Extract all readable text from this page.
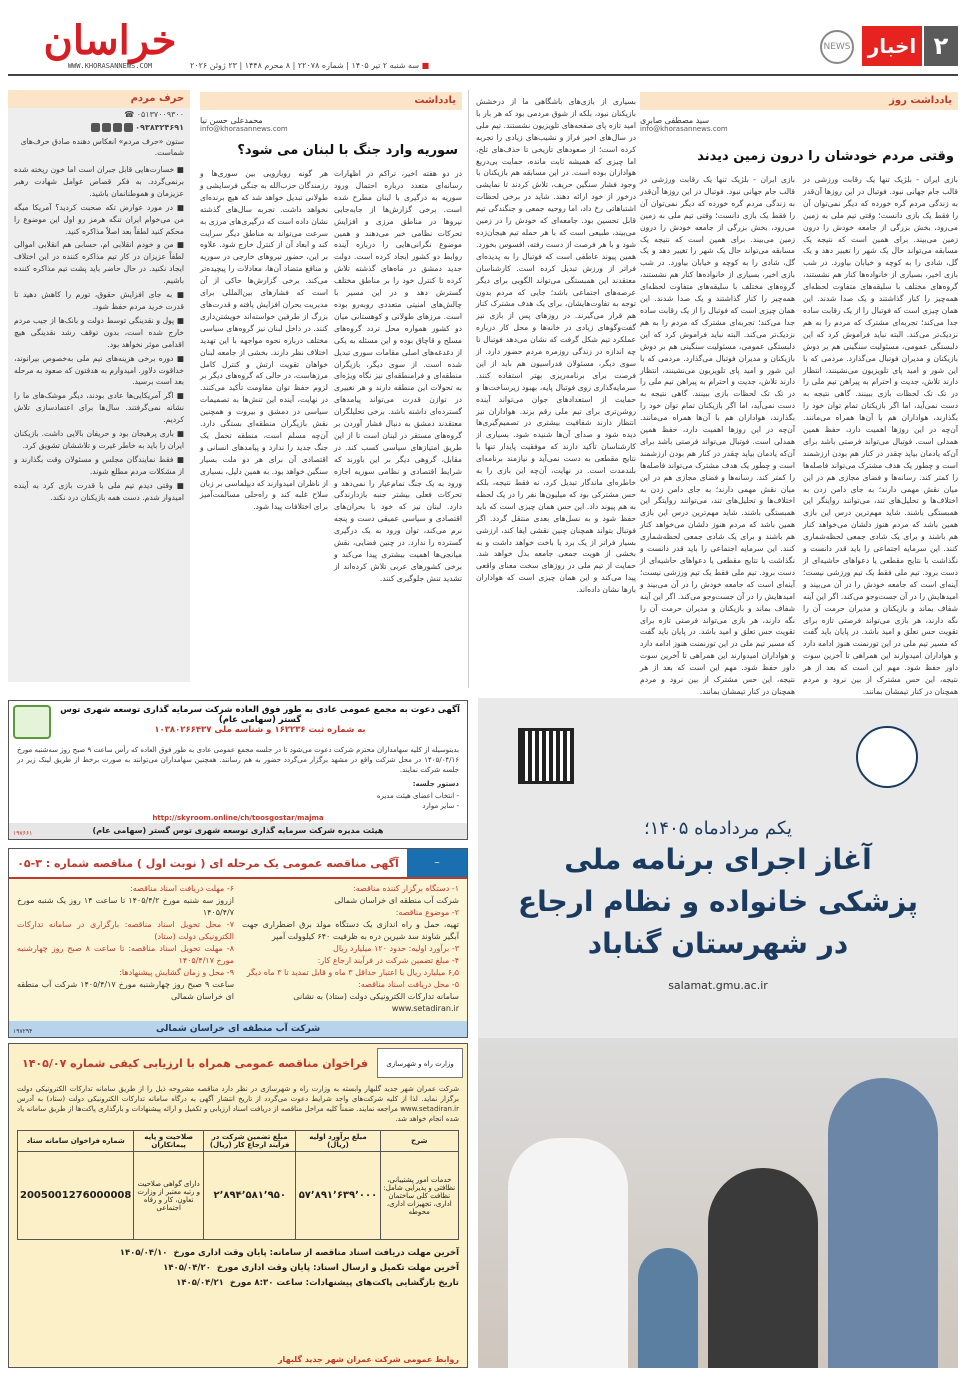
۲
اخبار
NEWS
خراسان
WWW.KHORASANNEWS.COM	■ سه شنبه ۲ تیر ۱۴۰۵ | شماره ۲۲۰۷۸ | ۸ محرم ۱۴۴۸ | ۲۳ ژوئن ۲۰۲۶
یادداشت روز
سید مصطفی صابری
info@khorasannews.com
وقتی مردم خودشان را درون زمین دیدند
بازی ایران - بلژیک تنها یک رقابت ورزشی در قالب جام جهانی نبود. فوتبال در این روزها آن‌قدر به زندگی مردم گره خورده که دیگر نمی‌توان آن را فقط یک بازی دانست؛ وقتی تیم ملی به زمین می‌رود، بخش بزرگی از جامعه خودش را درون زمین می‌بیند. برای همین است که نتیجه یک مسابقه می‌تواند حال یک شهر را تغییر دهد و یک گل، شادی را به کوچه و خیابان بیاورد. در شب بازی اخیر، بسیاری از خانواده‌ها کنار هم نشستند، گروه‌های مختلف با سلیقه‌های متفاوت لحظه‌ای همه‌چیز را کنار گذاشتند و یک صدا شدند. این همان چیزی است که فوتبال را از یک رقابت ساده جدا می‌کند؛ تجربه‌ای مشترک که مردم را به هم نزدیک‌تر می‌کند. البته نباید فراموش کرد که این دلبستگی عمومی، مسئولیت سنگینی هم بر دوش بازیکنان و مدیران فوتبال می‌گذارد. مردمی که با این شور و امید پای تلویزیون می‌نشینند، انتظار دارند تلاش، جدیت و احترام به پیراهن تیم ملی را در تک تک لحظات بازی ببینند. گاهی نتیجه به دست نمی‌آید، اما اگر بازیکنان تمام توان خود را بگذارند، هواداران هم با آن‌ها همراه می‌مانند. آن‌چه در این روزها اهمیت دارد، حفظ همین همدلی است. فوتبال می‌تواند فرصتی باشد برای آن‌که یادمان بیاید چقدر در کنار هم بودن ارزشمند است و چطور یک هدف مشترک می‌تواند فاصله‌ها را کمتر کند. رسانه‌ها و فضای مجازی هم در این میان نقش مهمی دارند؛ به جای دامن زدن به اختلاف‌ها و تحلیل‌های تند، می‌توانند روایتگر این همبستگی باشند. شاید مهم‌ترین درس این بازی همین باشد که مردم هنوز دلشان می‌خواهد کنار هم باشند و برای یک شادی جمعی لحظه‌شماری کنند. این سرمایه اجتماعی را باید قدر دانست و نگذاشت با نتایج مقطعی یا دعواهای حاشیه‌ای از دست برود. تیم ملی فقط یک تیم ورزشی نیست؛ آینه‌ای است که جامعه خودش را در آن می‌بیند و امیدهایش را در آن جست‌وجو می‌کند. اگر این آینه شفاف بماند و بازیکنان و مدیران حرمت آن را نگه دارند، هر بازی می‌تواند فرصتی تازه برای تقویت حس تعلق و امید باشد. در پایان باید گفت که مسیر تیم ملی در این تورنمنت هنوز ادامه دارد و هواداران امیدوارند این همراهی تا آخرین سوت داور حفظ شود. مهم این است که بعد از هر نتیجه، این حس مشترک از بین نرود و مردم همچنان در کنار تیمشان بمانند.
بازی ایران - بلژیک تنها یک رقابت ورزشی در قالب جام جهانی نبود. فوتبال در این روزها آن‌قدر به زندگی مردم گره خورده که دیگر نمی‌توان آن را فقط یک بازی دانست؛ وقتی تیم ملی به زمین می‌رود، بخش بزرگی از جامعه خودش را درون زمین می‌بیند. برای همین است که نتیجه یک مسابقه می‌تواند حال یک شهر را تغییر دهد و یک گل، شادی را به کوچه و خیابان بیاورد. در شب بازی اخیر، بسیاری از خانواده‌ها کنار هم نشستند، گروه‌های مختلف با سلیقه‌های متفاوت لحظه‌ای همه‌چیز را کنار گذاشتند و یک صدا شدند. این همان چیزی است که فوتبال را از یک رقابت ساده جدا می‌کند؛ تجربه‌ای مشترک که مردم را به هم نزدیک‌تر می‌کند. البته نباید فراموش کرد که این دلبستگی عمومی، مسئولیت سنگینی هم بر دوش بازیکنان و مدیران فوتبال می‌گذارد. مردمی که با این شور و امید پای تلویزیون می‌نشینند، انتظار دارند تلاش، جدیت و احترام به پیراهن تیم ملی را در تک تک لحظات بازی ببینند. گاهی نتیجه به دست نمی‌آید، اما اگر بازیکنان تمام توان خود را بگذارند، هواداران هم با آن‌ها همراه می‌مانند. آن‌چه در این روزها اهمیت دارد، حفظ همین همدلی است. فوتبال می‌تواند فرصتی باشد برای آن‌که یادمان بیاید چقدر در کنار هم بودن ارزشمند است و چطور یک هدف مشترک می‌تواند فاصله‌ها را کمتر کند. رسانه‌ها و فضای مجازی هم در این میان نقش مهمی دارند؛ به جای دامن زدن به اختلاف‌ها و تحلیل‌های تند، می‌توانند روایتگر این همبستگی باشند. شاید مهم‌ترین درس این بازی همین باشد که مردم هنوز دلشان می‌خواهد کنار هم باشند و برای یک شادی جمعی لحظه‌شماری کنند. این سرمایه اجتماعی را باید قدر دانست و نگذاشت با نتایج مقطعی یا دعواهای حاشیه‌ای از دست برود. تیم ملی فقط یک تیم ورزشی نیست؛ آینه‌ای است که جامعه خودش را در آن می‌بیند و امیدهایش را در آن جست‌وجو می‌کند. اگر این آینه شفاف بماند و بازیکنان و مدیران حرمت آن را نگه دارند، هر بازی می‌تواند فرصتی تازه برای تقویت حس تعلق و امید باشد. در پایان باید گفت که مسیر تیم ملی در این تورنمنت هنوز ادامه دارد و هواداران امیدوارند این همراهی تا آخرین سوت داور حفظ شود. مهم این است که بعد از هر نتیجه، این حس مشترک از بین نرود و مردم همچنان در کنار تیمشان بمانند.
بسیاری از بازی‌های باشگاهی ما از درخشش بازیکنان نبود، بلکه از شوق مردمی بود که هر بار با امید تازه پای صفحه‌های تلویزیون نشستند. تیم ملی در سال‌های اخیر فراز و نشیب‌های زیادی را تجربه کرده است؛ از صعودهای تاریخی تا حذف‌های تلخ، اما چیزی که همیشه ثابت مانده، حمایت بی‌دریغ هواداران بوده است. در این مسابقه هم بازیکنان با وجود فشار سنگین حریف، تلاش کردند تا نمایشی درخور از خود ارائه دهند. شاید در برخی لحظات اشتباهاتی رخ داد، اما روحیه جمعی و جنگندگی تیم قابل تحسین بود. جامعه‌ای که خودش را در زمین می‌بیند، طبیعی است که با هر حمله تیم هیجان‌زده شود و با هر فرصت از دست رفته، افسوس بخورد. همین پیوند عاطفی است که فوتبال را به پدیده‌ای فراتر از ورزش تبدیل کرده است. کارشناسان معتقدند این همبستگی می‌تواند الگویی برای دیگر عرصه‌های اجتماعی باشد؛ جایی که مردم بدون توجه به تفاوت‌هایشان، برای یک هدف مشترک کنار هم قرار می‌گیرند. در روزهای پس از بازی نیز گفت‌وگوهای زیادی در خانه‌ها و محل کار درباره عملکرد تیم شکل گرفت که نشان می‌دهد فوتبال تا چه اندازه در زندگی روزمره مردم حضور دارد. از سوی دیگر، مسئولان فدراسیون هم باید از این فرصت برای برنامه‌ریزی بهتر استفاده کنند. سرمایه‌گذاری روی فوتبال پایه، بهبود زیرساخت‌ها و حمایت از استعدادهای جوان می‌تواند آینده روشن‌تری برای تیم ملی رقم بزند. هواداران نیز انتظار دارند شفافیت بیشتری در تصمیم‌گیری‌ها دیده شود و صدای آن‌ها شنیده شود. بسیاری از کارشناسان تأکید دارند که موفقیت پایدار تنها با نتایج مقطعی به دست نمی‌آید و نیازمند برنامه‌ای بلندمدت است. در نهایت، آن‌چه این بازی را به خاطره‌ای ماندگار تبدیل کرد، نه فقط نتیجه، بلکه حس مشترکی بود که میلیون‌ها نفر را در یک لحظه به هم پیوند داد. این حس همان چیزی است که باید حفظ شود و به نسل‌های بعدی منتقل گردد. اگر فوتبال بتواند همچنان چنین نقشی ایفا کند، ارزشی بسیار فراتر از یک برد یا باخت خواهد داشت و به بخشی از هویت جمعی جامعه بدل خواهد شد. حمایت از تیم ملی در روزهای سخت معنای واقعی پیدا می‌کند و این همان چیزی است که هواداران بارها نشان داده‌اند.
یادداشت
محمدعلی حسن نیا
info@khorasannews.com
سوریه وارد جنگ با لبنان می شود؟
در دو هفته اخیر، تراکم در اظهارات رسانه‌ای متعدد درباره احتمال ورود سوریه به درگیری با لبنان مطرح شده است. برخی گزارش‌ها از جابه‌جایی نیروها در مناطق مرزی و افزایش تحرکات نظامی خبر می‌دهند و همین موضوع نگرانی‌هایی را درباره آینده روابط دو کشور ایجاد کرده است. دولت جدید دمشق در ماه‌های گذشته تلاش کرده تا کنترل خود را بر مناطق مختلف گسترش دهد و در این مسیر با چالش‌های امنیتی متعددی روبه‌رو بوده است. مرزهای طولانی و کوهستانی میان دو کشور همواره محل تردد گروه‌های مسلح و قاچاق بوده و این مسئله به یکی از دغدغه‌های اصلی مقامات سوری تبدیل شده است. از سوی دیگر، بازیگران منطقه‌ای و فرامنطقه‌ای نیز نگاه ویژه‌ای به تحولات این منطقه دارند و هر تغییری در توازن قدرت می‌تواند پیامدهای گسترده‌ای داشته باشد. برخی تحلیلگران معتقدند دمشق به دنبال فشار آوردن بر گروه‌های مستقر در لبنان است تا از این طریق امتیازهای سیاسی کسب کند. در مقابل، گروهی دیگر بر این باورند که شرایط اقتصادی و نظامی سوریه اجازه ورود به یک جنگ تمام‌عیار را نمی‌دهد و تحرکات فعلی بیشتر جنبه بازدارندگی دارد. لبنان نیز که خود با بحران‌های اقتصادی و سیاسی عمیقی دست و پنجه نرم می‌کند، توان ورود به یک درگیری گسترده را ندارد. در چنین فضایی، نقش میانجی‌ها اهمیت بیشتری پیدا می‌کند و برخی کشورهای عربی تلاش کرده‌اند از تشدید تنش جلوگیری کنند.
هر گونه رویارویی بین سوری‌ها و رزمندگان حزب‌الله به جنگی فرسایشی و طولانی تبدیل خواهد شد که هیچ برنده‌ای نخواهد داشت. تجربه سال‌های گذشته نشان داده است که درگیری‌های مرزی به سرعت می‌تواند به مناطق دیگر سرایت کند و ابعاد آن از کنترل خارج شود. علاوه بر این، حضور نیروهای خارجی در سوریه و منافع متضاد آن‌ها، معادلات را پیچیده‌تر می‌کند. برخی گزارش‌ها حاکی از آن است که فشارهای بین‌المللی برای مدیریت بحران افزایش یافته و قدرت‌های بزرگ از طرفین خواسته‌اند خویشتن‌داری کنند. در داخل لبنان نیز گروه‌های سیاسی مختلف درباره نحوه مواجهه با این تهدید اختلاف نظر دارند. بخشی از جامعه لبنان خواهان تقویت ارتش و کنترل کامل مرزهاست، در حالی که گروه‌های دیگر بر لزوم حفظ توان مقاومت تأکید می‌کنند. در نهایت، آینده این تنش‌ها به تصمیمات سیاسی در دمشق و بیروت و همچنین نقش بازیگران منطقه‌ای بستگی دارد. آن‌چه مسلم است، منطقه تحمل یک جنگ جدید را ندارد و پیامدهای انسانی و اقتصادی آن برای هر دو ملت بسیار سنگین خواهد بود. به همین دلیل، بسیاری از ناظران امیدوارند که دیپلماسی بر زبان سلاح غلبه کند و راه‌حلی مسالمت‌آمیز برای اختلافات پیدا شود.
حرف مردم
☎ ۰۵۱۳۷۰۰۹۳۰۰
۰۹۳۸۳۲۴۶۹۱
ستون «حرف مردم» انعکاس دهنده صادق حرف‌های شماست.

■ خسارت‌هایی قابل جبران است اما خون ریخته شده برنمی‌گردد. به فکر قصاص عوامل شهادت رهبر عزیزمان و هموطنانمان باشید.

■ در مورد عوارض تکه صحبت کردید؟ آمریکا میگه من می‌خوام ایران تنگه هرمز رو اول این موضوع را محکم کنید لطفاً بعد اصلاً مذاکره کنید.

■ من و خودم انقلابی ام، حسابی هم انقلابی اموالی لطفاً عزیزان در کار تیم مذاکره کننده در این اختلاف ایجاد نکنید. در حال حاضر باید پشت تیم مذاکره کننده باشیم.

■ به جای افزایش حقوق، تورم را کاهش دهید تا قدرت خرید مردم حفظ شود.

■ پول و نقدینگی توسط دولت و بانک‌ها از جیب مردم خارج شده است، بدون توقف رشد نقدینگی هیچ اقدامی موثر نخواهد بود.

■ دوره برخی هزینه‌های تیم ملی به‌خصوص بیرانوند، خداقوت دلاور. امیدوارم به هدفتون که صعود به مرحله بعد است برسید.

■ اگر آمریکایی‌ها عادی بودند، دیگر موشک‌های ما را نشانه نمی‌گرفتند. سال‌ها برای اعتمادسازی تلاش کردیم.

■ باری پرهیجان بود و حریفان بالایی داشت. بازیکنان ایران را باید به خاطر غیرت و تلاششان تشویق کرد.

■ فقط نمایندگان مجلس و مسئولان وقت بگذارند و از مشکلات مردم مطلع شوند.

■ وقتی دیدم تیم ملی با قدرت بازی کرد به آینده امیدوار شدم. دست همه بازیکنان درد نکند.

آگهی دعوت به مجمع عمومی عادی به طور فوق العاده شرکت سرمایه گذاری توسعه شهری توس گستر (سهامی عام)
به شماره ثبت ۱۶۲۲۳۶ و شناسه ملی ۱۰۳۸۰۲۶۶۴۳۷
بدینوسیله از کلیه سهامداران محترم شرکت دعوت می‌شود تا در جلسه مجمع عمومی عادی به طور فوق العاده که رأس ساعت ۹ صبح روز سه‌شنبه مورخ ۱۴۰۵/۰۴/۱۶ در محل شرکت واقع در مشهد برگزار می‌گردد حضور به هم رسانند. همچنین سهامداران می‌توانند به صورت برخط از طریق لینک زیر در جلسه شرکت نمایند.
دستور جلسه:
- انتخاب اعضای هیئت مدیره
- سایر موارد
http://skyroom.online/ch/toosgostar/majma
هیئت مدیره شرکت سرمایه گذاری توسعه شهری توس گستر (سهامی عام)
۱۹۷۶۶۱
~
آگهی مناقصه عمومی یک مرحله ای ( نوبت اول ) مناقصه شماره : ۳-۰۵
۱- دستگاه برگزار کننده مناقصه:
شرکت آب منطقه ای خراسان شمالی
۲- موضوع مناقصه:
تهیه، حمل و راه اندازی یک دستگاه مولد برق اضطراری جهت آبگیر شاوند سد شیرین دره به ظرفیت ۶۴۰ کیلوولت آمپر
۳- برآورد اولیه: حدود ۱۲۰ میلیارد ریال
۴- مبلغ تضمین شرکت در فرآیند ارجاع کار:
۶٫۵ میلیارد ریال با اعتبار حداقل ۳ ماه و قابل تمدید تا ۳ ماه دیگر
۵- محل دریافت اسناد مناقصه:
سامانه تدارکات الکترونیکی دولت (ستاد) به نشانی
www.setadiran.ir
۶- مهلت دریافت اسناد مناقصه:
ازروز سه شنبه مورخ ۱۴۰۵/۴/۲ تا ساعت ۱۴ روز یک شنبه مورخ ۱۴۰۵/۴/۷
۷- محل تحویل اسناد مناقصه: بارگزاری در سامانه تدارکات الکترونیکی دولت (ستاد)
۸- مهلت تحویل اسناد مناقصه: تا ساعت ۸ صبح روز چهارشنبه مورخ ۱۴۰۵/۴/۱۷
۹- محل و زمان گشایش پیشنهادها:
ساعت ۹ صبح روز چهارشنبه مورخ ۱۴۰۵/۴/۱۷ شرکت آب منطقه ای خراسان شمالی
شرکت آب منطقه ای خراسان شمالی
۱۹۷۲۹۴
وزارت راه و شهرسازی
فراخوان مناقصه عمومی همراه با ارزیابی کیفی شماره ۱۴۰۵/۰۷
شرکت عمران شهر جدید گلبهار وابسته به وزارت راه و شهرسازی در نظر دارد مناقصه مشروحه ذیل را از طریق سامانه تدارکات الکترونیکی دولت برگزار نماید. لذا از کلیه شرکت‌های واجد شرایط دعوت می‌گردد از تاریخ انتشار آگهی به درگاه سامانه تدارکات الکترونیکی دولت (ستاد) به آدرس www.setadiran.ir مراجعه نمایند. ضمناً کلیه مراحل مناقصه از دریافت اسناد ارزیابی و تکمیل و ارائه پیشنهادات و بارگذاری پاکت‌ها از طریق سامانه یاد شده انجام خواهد شد.
شرح	مبلغ برآورد اولیه (ریال)	مبلغ تضمین شرکت در فرآیند ارجاع کار (ریال)	صلاحیت و پایه پیمانکاران	شماره فراخوان سامانه ستاد
خدمات امور پشتیبانی، نظافتی و پذیرایی شامل: نظافت کلی ساختمان اداری، تجهیزات اداری، محوطه	۵۷٬۸۹۱٬۶۳۹٬۰۰۰	۲٬۸۹۴٬۵۸۱٬۹۵۰	دارای گواهی صلاحیت و رتبه معتبر از وزارت تعاون، کار و رفاه اجتماعی	2005001276000008
آخرین مهلت دریافت اسناد مناقصه از سامانه: پایان وقت اداری مورخ
۱۴۰۵/۰۴/۱۰
آخرین مهلت تکمیل و ارسال اسناد: پایان وقت اداری مورخ
۱۴۰۵/۰۴/۲۰
تاریخ بازگشایی پاکت‌های پیشنهادات: ساعت ۸:۳۰ مورخ
۱۴۰۵/۰۴/۲۱
روابط عمومی شرکت عمران شهر جدید گلبهار
یکم مردادماه ۱۴۰۵؛
آغاز اجرای برنامه ملی
پزشکی خانواده و نظام ارجاع
در شهرستان گناباد
salamat.gmu.ac.ir
